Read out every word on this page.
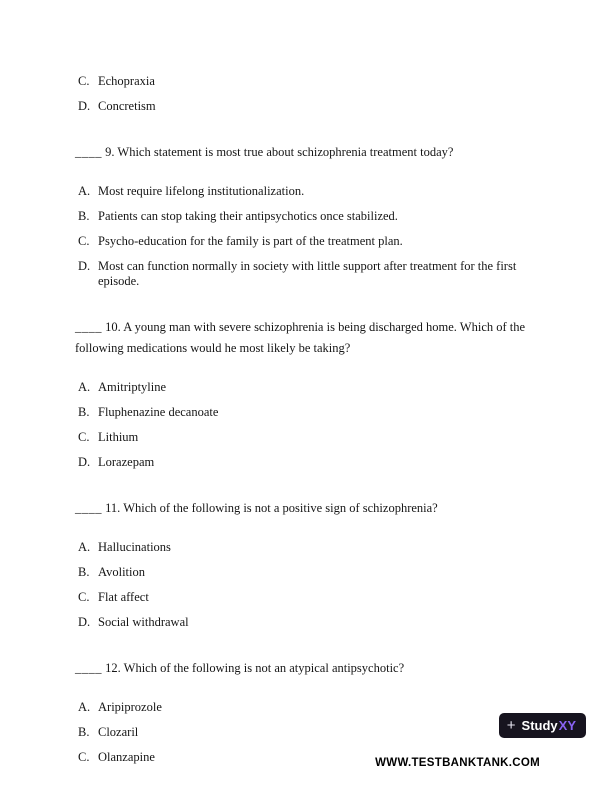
C. Echopraxia
D. Concretism

____ 9. Which statement is most true about schizophrenia treatment today?

A. Most require lifelong institutionalization.
B. Patients can stop taking their antipsychotics once stabilized.
C. Psycho-education for the family is part of the treatment plan.
D. Most can function normally in society with little support after treatment for the first episode.

____ 10. A young man with severe schizophrenia is being discharged home. Which of the following medications would he most likely be taking?

A. Amitriptyline
B. Fluphenazine decanoate
C. Lithium
D. Lorazepam

____ 11. Which of the following is not a positive sign of schizophrenia?

A. Hallucinations
B. Avolition
C. Flat affect
D. Social withdrawal

____ 12. Which of the following is not an atypical antipsychotic?

A. Aripiprozole
B. Clozaril
C. Olanzapine
+ Study XY
WWW.TESTBANKTANK.COM
